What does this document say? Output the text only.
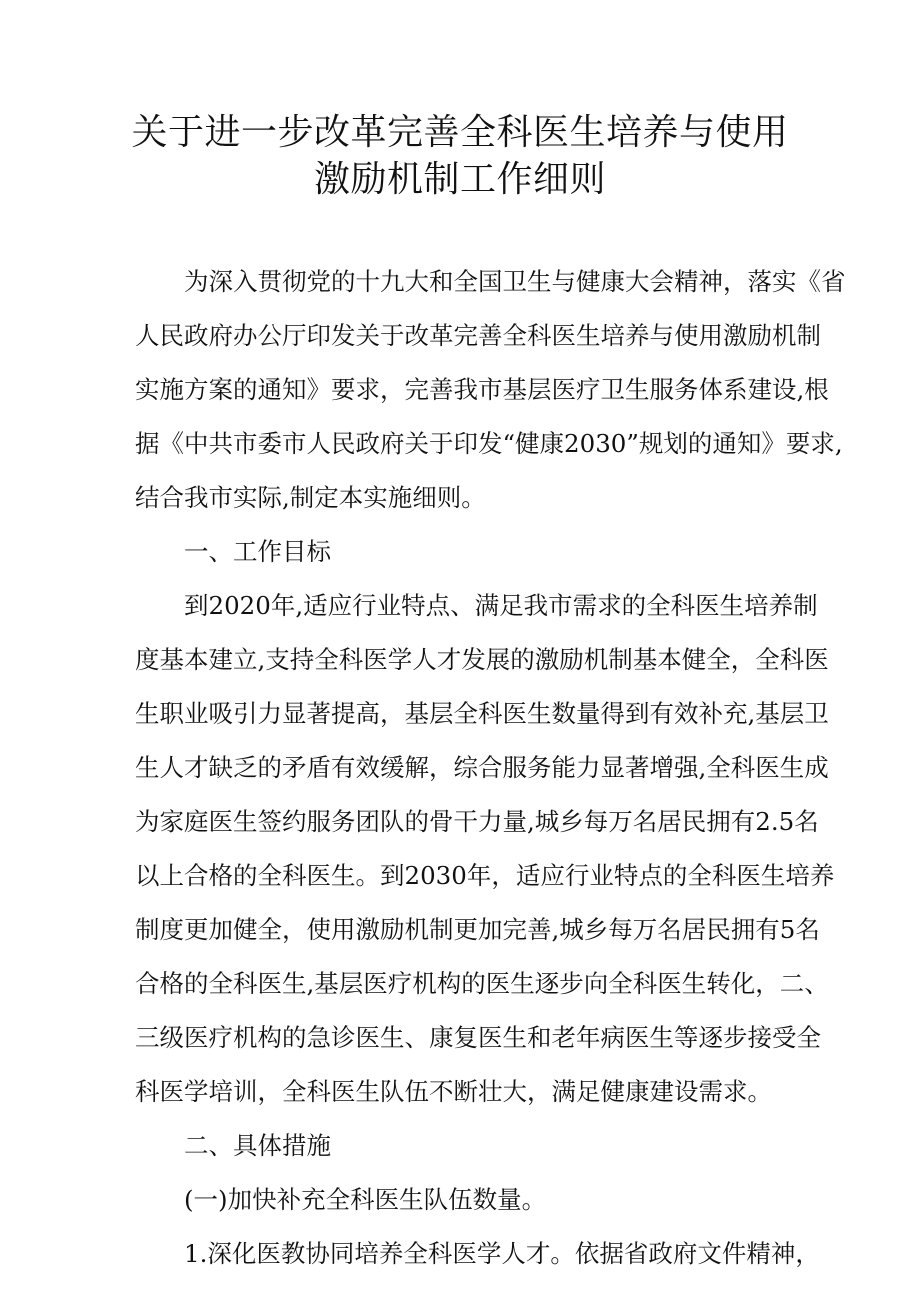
关于进一步改革完善全科医生培养与使用
激励机制工作细则
为深入贯彻党的十九大和全国卫生与健康大会精神，落实《省
人民政府办公厅印发关于改革完善全科医生培养与使用激励机制
实施方案的通知》要求，完善我市基层医疗卫生服务体系建设,根
据《中共市委市人民政府关于印发“健康2030”规划的通知》要求,
结合我市实际,制定本实施细则。
一、工作目标
到2020年,适应行业特点、满足我市需求的全科医生培养制
度基本建立,支持全科医学人才发展的激励机制基本健全，全科医
生职业吸引力显著提高，基层全科医生数量得到有效补充,基层卫
生人才缺乏的矛盾有效缓解，综合服务能力显著增强,全科医生成
为家庭医生签约服务团队的骨干力量,城乡每万名居民拥有2.5名
以上合格的全科医生。到2030年，适应行业特点的全科医生培养
制度更加健全，使用激励机制更加完善,城乡每万名居民拥有5名
合格的全科医生,基层医疗机构的医生逐步向全科医生转化，二、
三级医疗机构的急诊医生、康复医生和老年病医生等逐步接受全
科医学培训，全科医生队伍不断壮大，满足健康建设需求。
二、具体措施
(一)加快补充全科医生队伍数量。
1.深化医教协同培养全科医学人才。依据省政府文件精神，
